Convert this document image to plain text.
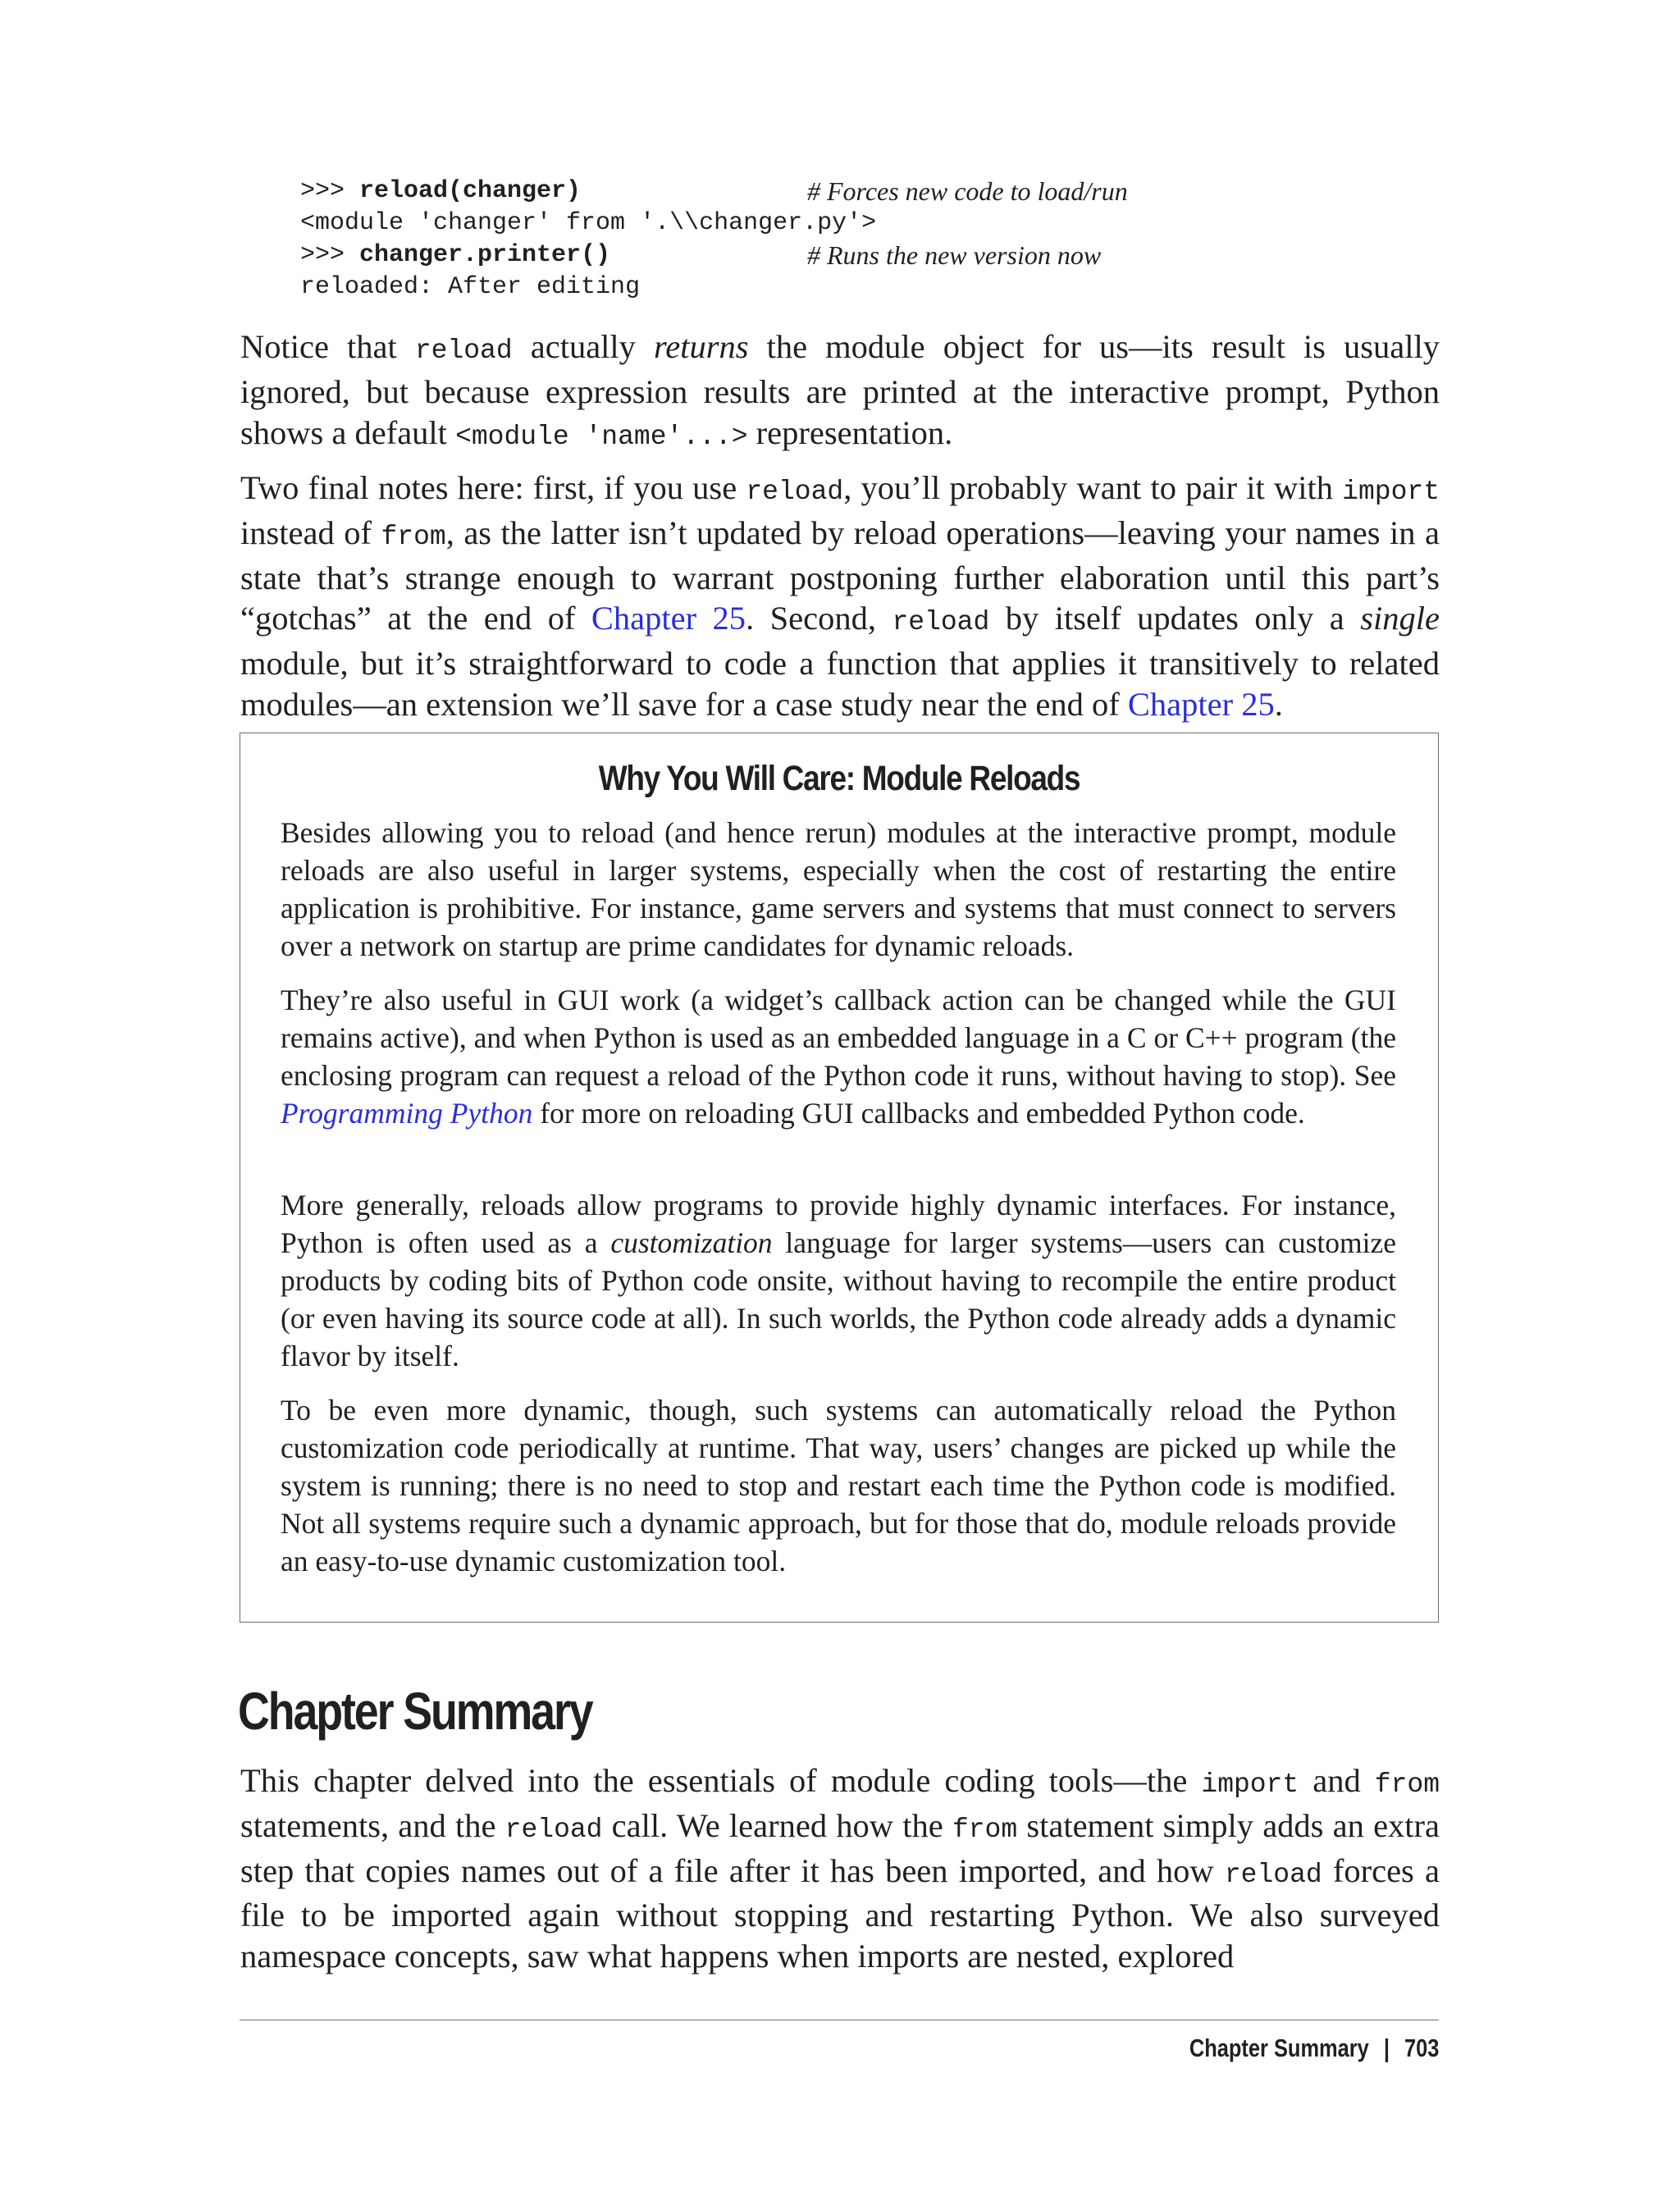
>>> reload(changer)	# Forces new code to load/run
<module 'changer' from '.\\changer.py'>
>>> changer.printer()	# Runs the new version now
reloaded: After editing

Notice that reload actually returns the module object for us—its result is usually ignored, but because expression results are printed at the interactive prompt, Python shows a default <module 'name'...> representation.

Two final notes here: first, if you use reload, you’ll probably want to pair it with import instead of from, as the latter isn’t updated by reload operations—leaving your names in a state that’s strange enough to warrant postponing further elaboration until this part’s “gotchas” at the end of Chapter 25. Second, reload by itself updates only a single module, but it’s straightforward to code a function that applies it transitively to related modules—an extension we’ll save for a case study near the end of Chapter 25.

Why You Will Care: Module Reloads

Besides allowing you to reload (and hence rerun) modules at the interactive prompt, module reloads are also useful in larger systems, especially when the cost of restarting the entire application is prohibitive. For instance, game servers and systems that must connect to servers over a network on startup are prime candidates for dynamic reloads.

They’re also useful in GUI work (a widget’s callback action can be changed while the GUI remains active), and when Python is used as an embedded language in a C or C++ program (the enclosing program can request a reload of the Python code it runs, without having to stop). See Programming Python for more on reloading GUI callbacks and embedded Python code.

More generally, reloads allow programs to provide highly dynamic interfaces. For instance, Python is often used as a customization language for larger systems—users can customize products by coding bits of Python code onsite, without having to recompile the entire product (or even having its source code at all). In such worlds, the Python code already adds a dynamic flavor by itself.

To be even more dynamic, though, such systems can automatically reload the Python customization code periodically at runtime. That way, users’ changes are picked up while the system is running; there is no need to stop and restart each time the Python code is modified. Not all systems require such a dynamic approach, but for those that do, module reloads provide an easy-to-use dynamic customization tool.

Chapter Summary

This chapter delved into the essentials of module coding tools—the import and from statements, and the reload call. We learned how the from statement simply adds an extra step that copies names out of a file after it has been imported, and how reload forces a file to be imported again without stopping and restarting Python. We also surveyed namespace concepts, saw what happens when imports are nested, explored

Chapter Summary | 703
